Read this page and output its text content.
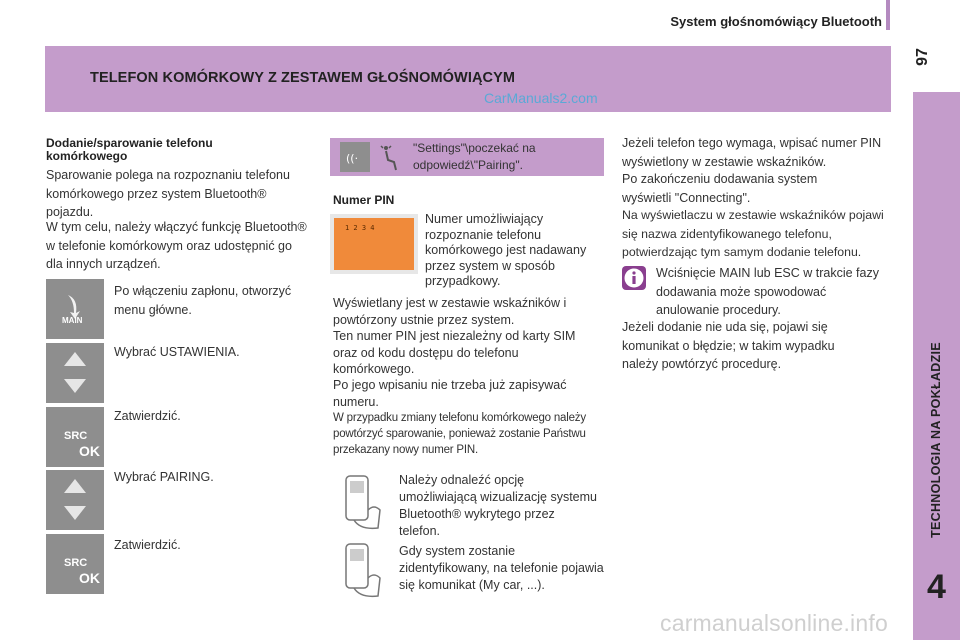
System głośnomówiący Bluetooth
97
TELEFON KOMÓRKOWY Z ZESTAWEM GŁOŚNOMÓWIĄCYM
CarManuals2.com
TECHNOLOGIA NA POKŁADZIE
4
Dodanie/sparowanie telefonu komórkowego
Sparowanie polega na rozpoznaniu telefonu komórkowego przez system Bluetooth® pojazdu.
W tym celu, należy włączyć funkcję Bluetooth® w telefonie komórkowym oraz udostępnić go dla innych urządzeń.
MAIN
Po włączeniu zapłonu, otworzyć menu główne.
Wybrać USTAWIENIA.
SRC
OK
Zatwierdzić.
Wybrać PAIRING.
SRC
OK
Zatwierdzić.
((·
"Settings"\poczekać na odpowiedź\"Pairing".
Numer PIN
1 2 3 4
Numer umożliwiający rozpoznanie telefonu komórkowego jest nadawany przez system w sposób przypadkowy.
Wyświetlany jest w zestawie wskaźników i powtórzony ustnie przez system.
Ten numer PIN jest niezależny od karty SIM oraz od kodu dostępu do telefonu komórkowego.
Po jego wpisaniu nie trzeba już zapisywać numeru.
W przypadku zmiany telefonu komórkowego należy powtórzyć sparowanie, ponieważ zostanie Państwu przekazany nowy numer PIN.
Należy odnaleźć opcję umożliwiającą wizualizację systemu Bluetooth® wykrytego przez telefon.
Gdy system zostanie zidentyfikowany, na telefonie pojawia się komunikat (My car, ...).
Jeżeli telefon tego wymaga, wpisać numer PIN wyświetlony w zestawie wskaźników.
Po zakończeniu dodawania system wyświetli "Connecting".
Na wyświetlaczu w zestawie wskaźników pojawi się nazwa zidentyfikowanego telefonu, potwierdzając tym samym dodanie telefonu.
Wciśnięcie MAIN lub ESC w trakcie fazy dodawania może spowodować anulowanie procedury.
Jeżeli dodanie nie uda się, pojawi się komunikat o błędzie; w takim wypadku należy powtórzyć procedurę.
carmanualsonline.info
